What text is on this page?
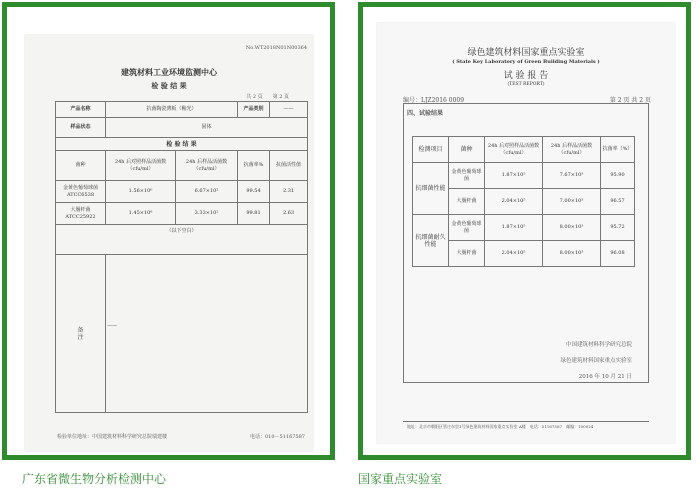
No.WT2018N01N00364
建筑材料工业环境监测中心
检 验 结 果
共 2 页　　第 2 页
产品名称	抗菌陶瓷薄板（釉光）		产品类别	——
样品状态	固体			
检 验 结 果				
菌种	24h 后对照样品活菌数（cfu/ml）	24h 后样品活菌数（cfu/ml）	抗菌率%	抗菌活性值
金黄色葡萄球菌
ATCC6538	1.56×10⁶	6.67×10²	99.54	2.31
大肠杆菌
ATCC25922	1.45×10⁶	3.33×10²	99.81	2.63
（以下空白）				
备
注	——			
检验单位地址：中国建筑材料科学研究总院瑞建楼	电话：010－51167587
绿色建筑材料国家重点实验室
( State Key Laboratory of Green Building Materials )
试 验 报 告
(TEST REPORT)
编号：LJZ2016 0009	第 2 页 共 2 页
四、试验结果
检测项目	菌种	24h 后对照样品活菌数（cfu/ml）	24h 后样品活菌数（cfu/ml）	抗菌率（%）
抗细菌性能	金黄色葡萄球菌	1.87×10⁵	7.67×10³	95.90
	大肠杆菌	2.04×10⁵	7.00×10³	96.57
抗细菌耐久性能	金黄色葡萄球菌	1.87×10⁵	8.00×10³	95.72
	大肠杆菌	2.04×10⁵	8.00×10³	96.08
中国建筑材料科学研究总院
绿色建筑材料国家重点实验室
2016 年 10 月 21 日
地址：北京市朝阳区管庄东里1号绿色建筑材料国家重点实验室 A楼　电话：51167587　邮编：100024
广东省微生物分析检测中心	国家重点实验室
